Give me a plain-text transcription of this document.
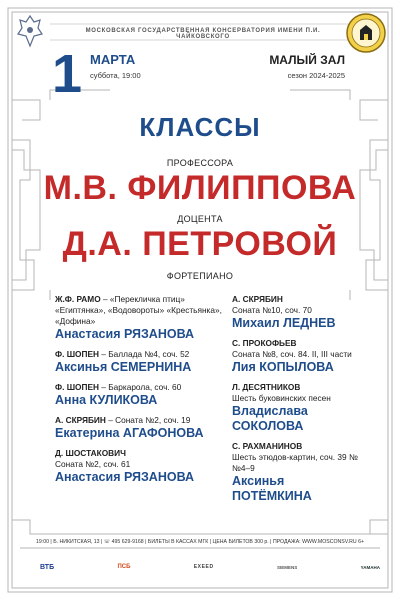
МОСКОВСКАЯ ГОСУДАРСТВЕННАЯ КОНСЕРВАТОРИЯ ИМЕНИ П.И. ЧАЙКОВСКОГО
1 МАРТА
суббота, 19:00
МАЛЫЙ ЗАЛ
сезон 2024-2025
КЛАССЫ
ПРОФЕССОРА
М.В. ФИЛИППОВА
ДОЦЕНТА
Д.А. ПЕТРОВОЙ
ФОРТЕПИАНО
Ж.Ф. РАМО – «Перекличка птиц» «Египтянка», «Водовороты» «Крестьянка», «Дофина»
Анастасия РЯЗАНОВА
Ф. ШОПЕН – Баллада №4, соч. 52
Аксинья СЕМЕРНИНА
Ф. ШОПЕН – Баркарола, соч. 60
Анна КУЛИКОВА
А. СКРЯБИН – Соната №2, соч. 19
Екатерина АГАФОНОВА
Д. ШОСТАКОВИЧ
Соната №2, соч. 61
Анастасия РЯЗАНОВА
А. СКРЯБИН
Соната №10, соч. 70
Михаил ЛЕДНЕВ
С. ПРОКОФЬЕВ
Соната №8, соч. 84. II, III части
Лия КОПЫЛОВА
Л. ДЕСЯТНИКОВ
Шесть буковинских песен
Владислава СОКОЛОВА
С. РАХМАНИНОВ
Шесть этюдов-картин, соч. 39 №№4–9
Аксинья ПОТЁМКИНА
19:00 | Б. НИКИТСКАЯ, 13 | ☏ 495 629-9168 | БИЛЕТЫ В КАССАХ МГК | ЦЕНА БИЛЕТОВ 300 р. | ПРОДАЖА: WWW.MOSCONSV.RU 6+
ВТБ	ПСБ	EXEED	SIEMENS	YAMAHA
